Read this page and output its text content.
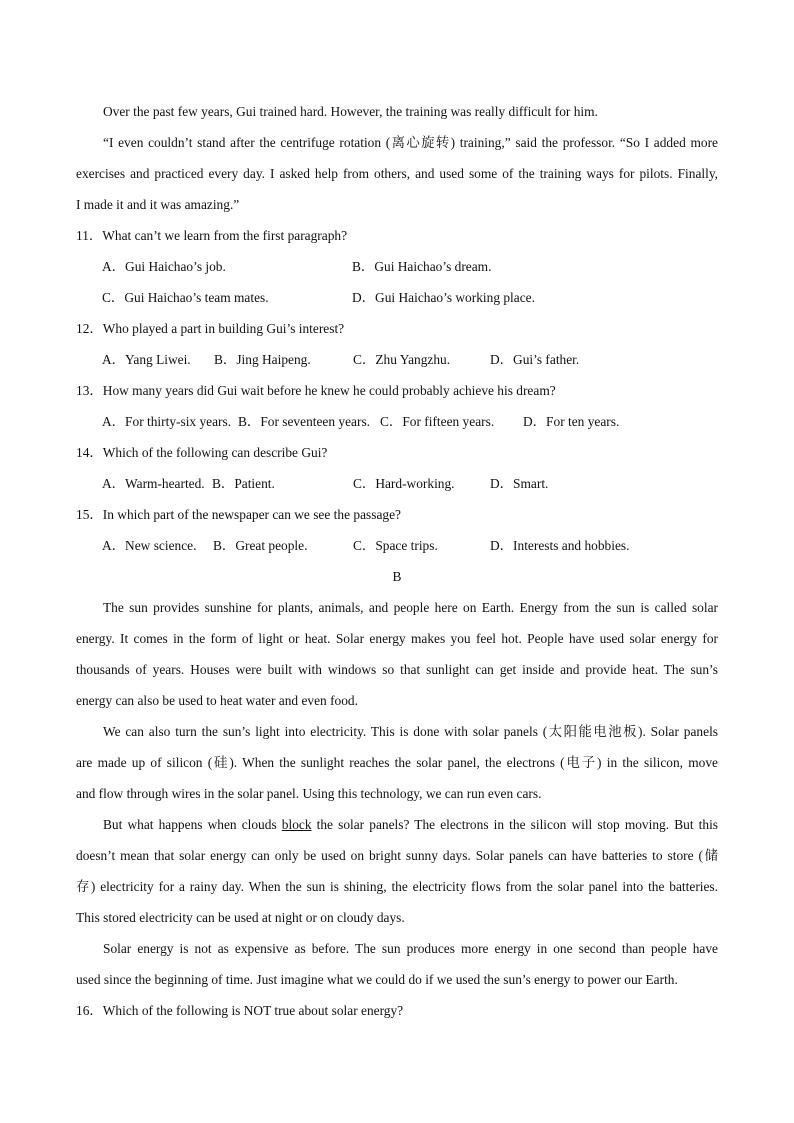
Over the past few years, Gui trained hard. However, the training was really difficult for him.
“I even couldn’t stand after the centrifuge rotation (离心旋转) training,” said the professor. “So I added more
exercises and practiced every day. I asked help from others, and used some of the training ways for pilots. Finally,
I made it and it was amazing.”
11．What can’t we learn from the first paragraph?
A．Gui Haichao’s job.	B．Gui Haichao’s dream.
C．Gui Haichao’s team mates.	D．Gui Haichao’s working place.
12．Who played a part in building Gui’s interest?
A．Yang Liwei. B．Jing Haipeng.	C．Zhu Yangzhu.	D．Gui’s father.
13．How many years did Gui wait before he knew he could probably achieve his dream?
A．For thirty-six years. B．For seventeen years. C．For fifteen years. D．For ten years.
14．Which of the following can describe Gui?
A．Warm-hearted. B．Patient.	C．Hard-working.	D．Smart.
15．In which part of the newspaper can we see the passage?
A．New science. B．Great people.	C．Space trips.	D．Interests and hobbies.
B
The sun provides sunshine for plants, animals, and people here on Earth. Energy from the sun is called solar
energy. It comes in the form of light or heat. Solar energy makes you feel hot. People have used solar energy for
thousands of years. Houses were built with windows so that sunlight can get inside and provide heat. The sun’s
energy can also be used to heat water and even food.
We can also turn the sun’s light into electricity. This is done with solar panels (太阳能电池板). Solar panels
are made up of silicon (硅). When the sunlight reaches the solar panel, the electrons (电子) in the silicon, move
and flow through wires in the solar panel. Using this technology, we can run even cars.
But what happens when clouds block the solar panels? The electrons in the silicon will stop moving. But this
doesn’t mean that solar energy can only be used on bright sunny days. Solar panels can have batteries to store (储
存) electricity for a rainy day. When the sun is shining, the electricity flows from the solar panel into the batteries.
This stored electricity can be used at night or on cloudy days.
Solar energy is not as expensive as before. The sun produces more energy in one second than people have
used since the beginning of time. Just imagine what we could do if we used the sun’s energy to power our Earth.
16．Which of the following is NOT true about solar energy?
